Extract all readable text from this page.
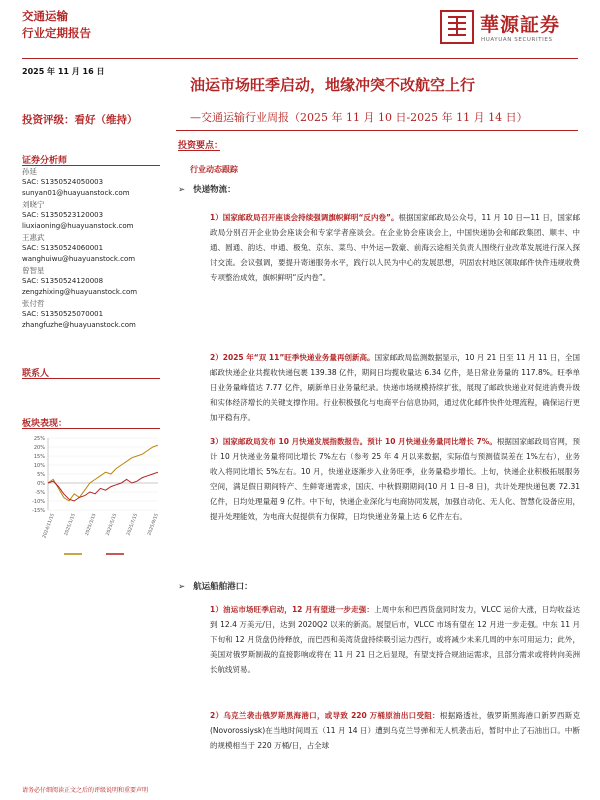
交通运输
行业定期报告	華源証券
HUAYUAN SECURITIES
2025 年 11 月 16 日
油运市场旺季启动，地缘冲突不改航空上行
—交通运输行业周报（2025 年 11 月 10 日-2025 年 11 月 14 日）
投资评级：看好（维持）
证券分析师
孙延
SAC: S1350524050003
sunyan01@huayuanstock.com
刘晓宁
SAC: S1350523120003
liuxiaoning@huayuanstock.com
王惠武
SAC: S1350524060001
wanghuiwu@huayuanstock.com
曾智星
SAC: S1350524120008
zengzhixing@huayuanstock.com
张付哲
SAC: S1350525070001
zhangfuzhe@huayuanstock.com
联系人
板块表现：
25%
20%
15%
10%
5%
0%
-5%
-10%
-15%
2024/11/15 2025/1/15 2025/3/15 2025/5/15 2025/7/15 2025/9/15
投资要点：
行业动态跟踪
➢ 快递物流：
1）国家邮政局召开座谈会持续强调旗帜鲜明“反内卷”。根据国家邮政局公众号，11 月 10 日—11 日，国家邮政局分别召开企业协会座谈会和专家学者座谈会。在企业协会座谈会上，中国快递协会和邮政集团、顺丰、中通、圆通、韵达、申通、极兔、京东、菜鸟、中外运—敦豪、前海云途相关负责人围绕行业改革发展进行深入探讨交流。会议强调，要提升寄递服务水平，践行以人民为中心的发展思想，巩固农村地区领取邮件快件违规收费专项整治成效，旗帜鲜明“反内卷”。
2）2025 年“双 11”旺季快递业务量再创新高。国家邮政局监测数据显示，10 月 21 日至 11 月 11 日，全国邮政快递企业共揽收快递包裹 139.38 亿件，期间日均揽收量达 6.34 亿件，是日常业务量的 117.8%。旺季单日业务量峰值达 7.77 亿件，刷新单日业务量纪录。快递市场规模持续扩张，展现了邮政快递业对促进消费升级和实体经济增长的关键支撑作用。行业积极强化与电商平台信息协同，通过优化邮件快件处理流程，确保运行更加平稳有序。
3）国家邮政局发布 10 月快递发展指数报告。预计 10 月快递业务量同比增长 7%。根据国家邮政局官网，预计 10 月快递业务量将同比增长 7%左右（参考 25 年 4 月以来数据，实际值与预测值误差在 1%左右），业务收入将同比增长 5%左右。10 月，快递业逐渐步入业务旺季，业务量稳步增长。上旬，快递企业积极拓展服务空间，满足假日期间特产、生鲜寄递需求，国庆、中秋假期期间(10 月 1 日–8 日)，共计处理快递包裹 72.31 亿件，日均处理量超 9 亿件。中下旬，快递企业深化与电商协同发展，加强自动化、无人化、智慧化设备应用，提升处理能效，为电商大促提供有力保障，日均快递业务量上达 6 亿件左右。
➢ 航运船舶港口：
1）油运市场旺季启动，12 月有望进一步走强：上周中东和巴西货盘同时发力，VLCC 运价大涨，日均收益达到 12.4 万美元/日，达到 2020Q2 以来的新高。展望后市，VLCC 市场有望在 12 月进一步走强。中东 11 月下旬和 12 月货盘仍待释放，而巴西和美湾货盘持续吸引运力西行，或将减少未来几周的中东可用运力；此外，美国对俄罗斯制裁的直接影响或将在 11 月 21 日之后显现，有望支持合规油运需求，且部分需求或将转向美洲长航线贸易。
2）乌克兰袭击俄罗斯黑海港口，或导致 220 万桶原油出口受阻：根据路透社，俄罗斯黑海港口新罗西斯克(Novorossiysk)在当地时间周五（11 月 14 日）遭到乌克兰导弹和无人机袭击后，暂时中止了石油出口。中断的规模相当于 220 万桶/日，占全球
请务必仔细阅读正文之后的评级说明和重要声明
